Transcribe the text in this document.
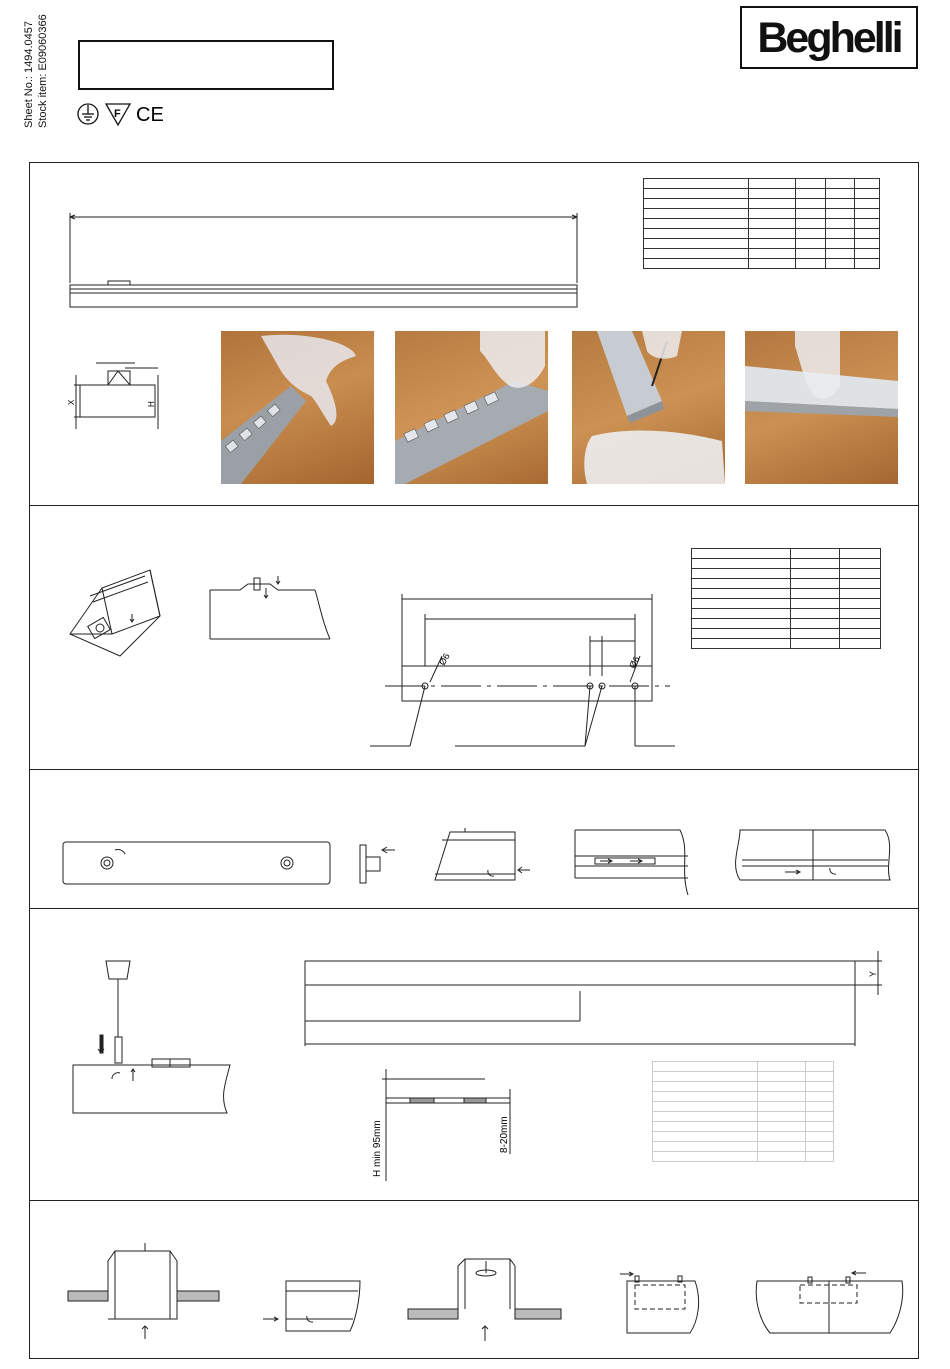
Sheet No.: 1494.0457 Stock item: E09060366	Beghelli
F CE
X	H

Ø6	Ø6

Y
H min 95mm	8-20mm
